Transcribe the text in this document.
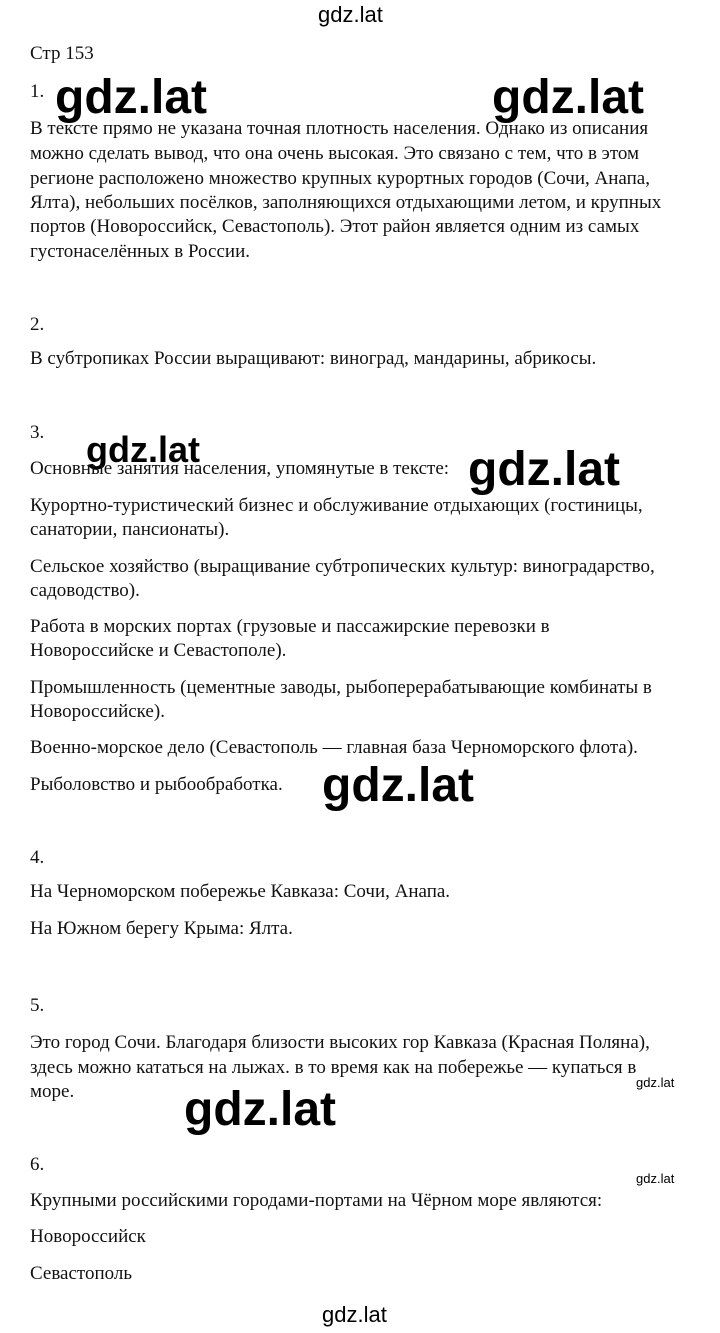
gdz.lat
gdz.lat	gdz.lat
gdz.lat	gdz.lat
gdz.lat
gdz.lat
gdz.lat
gdz.lat
gdz.lat

Стр 153

1.

В тексте прямо не указана точная плотность населения. Однако из описания

можно сделать вывод, что она очень высокая. Это связано с тем, что в этом

регионе расположено множество крупных курортных городов (Сочи, Анапа,

Ялта), небольших посёлков, заполняющихся отдыхающими летом, и крупных

портов (Новороссийск, Севастополь). Этот район является одним из самых

густонаселённых в России.

2.

В субтропиках России выращивают: виноград, мандарины, абрикосы.

3.

Основные занятия населения, упомянутые в тексте:

Курортно-туристический бизнес и обслуживание отдыхающих (гостиницы,

санатории, пансионаты).

Сельское хозяйство (выращивание субтропических культур: виноградарство,

садоводство).

Работа в морских портах (грузовые и пассажирские перевозки в

Новороссийске и Севастополе).

Промышленность (цементные заводы, рыбоперерабатывающие комбинаты в

Новороссийске).

Военно-морское дело (Севастополь — главная база Черноморского флота).

Рыболовство и рыбообработка.

4.

На Черноморском побережье Кавказа: Сочи, Анапа.

На Южном берегу Крыма: Ялта.

5.

Это город Сочи. Благодаря близости высоких гор Кавказа (Красная Поляна),

здесь можно кататься на лыжах. в то время как на побережье — купаться в

море.

6.

Крупными российскими городами-портами на Чёрном море являются:

Новороссийск

Севастополь
